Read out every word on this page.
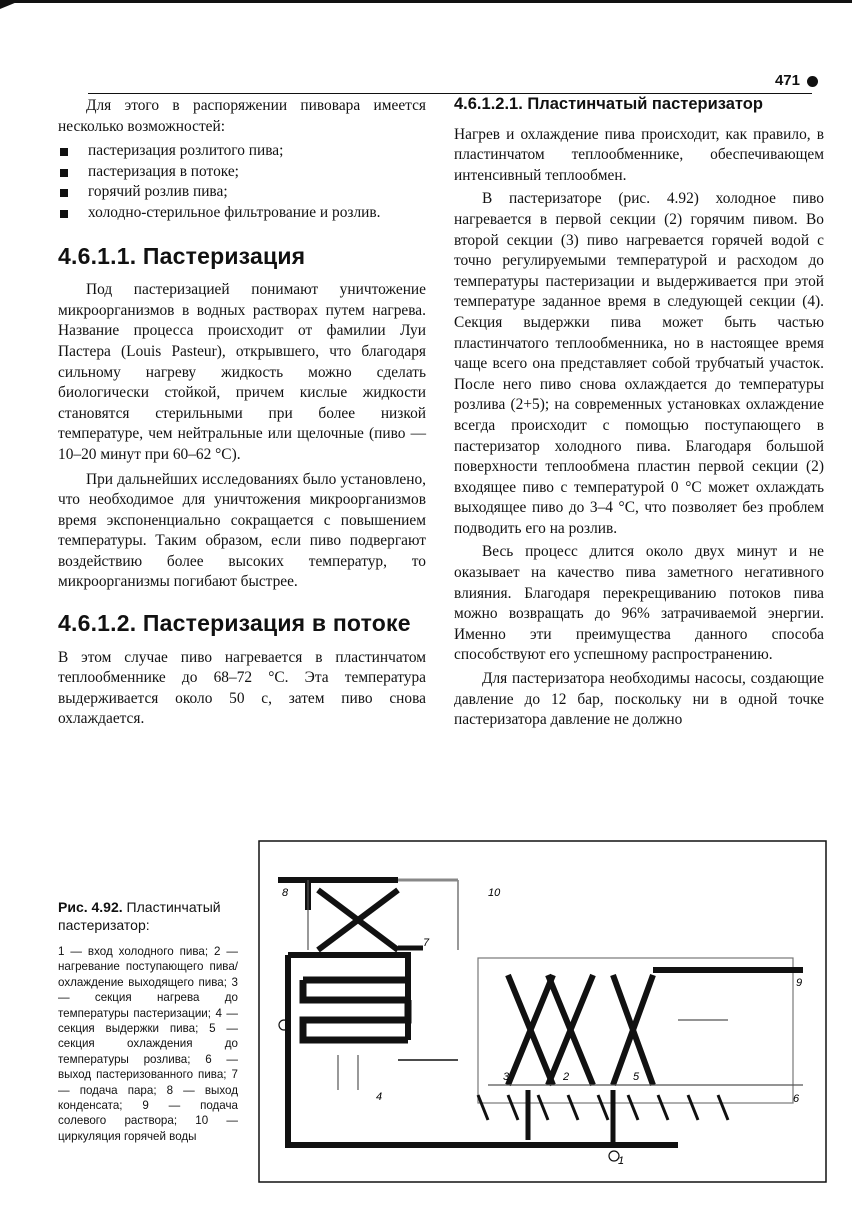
471

Для этого в распоряжении пивовара имеется несколько возможностей:

пастеризация розлитого пива;
пастеризация в потоке;
горячий розлив пива;
холодно-стерильное фильтрование и розлив.
4.6.1.1. Пастеризация

Под пастеризацией понимают уничтожение микроорганизмов в водных растворах путем нагрева. Название процесса происходит от фамилии Луи Пастера (Louis Pasteur), открывшего, что благодаря сильному нагреву жидкость можно сделать биологически стойкой, причем кислые жидкости становятся стерильными при более низкой температуре, чем нейтральные или щелочные (пиво — 10–20 минут при 60–62 °С).

При дальнейших исследованиях было установлено, что необходимое для уничтожения микроорганизмов время экспоненциально сокращается с повышением температуры. Таким образом, если пиво подвергают воздействию более высоких температур, то микроорганизмы погибают быстрее.

4.6.1.2. Пастеризация в потоке

В этом случае пиво нагревается в пластинчатом теплообменнике до 68–72 °С. Эта температура выдерживается около 50 с, затем пиво снова охлаждается.

4.6.1.2.1. Пластинчатый пастеризатор

Нагрев и охлаждение пива происходит, как правило, в пластинчатом теплообменнике, обеспечивающем интенсивный теплообмен.

В пастеризаторе (рис. 4.92) холодное пиво нагревается в первой секции (2) горячим пивом. Во второй секции (3) пиво нагревается горячей водой с точно регулируемыми температурой и расходом до температуры пастеризации и выдерживается при этой температуре заданное время в следующей секции (4). Секция выдержки пива может быть частью пластинчатого теплообменника, но в настоящее время чаще всего она представляет собой трубчатый участок. После него пиво снова охлаждается до температуры розлива (2+5); на современных установках охлаждение всегда происходит с помощью поступающего в пастеризатор холодного пива. Благодаря большой поверхности теплообмена пластин первой секции (2) входящее пиво с температурой 0 °С может охлаждать выходящее пиво до 3–4 °С, что позволяет без проблем подводить его на розлив.

Весь процесс длится около двух минут и не оказывает на качество пива заметного негативного влияния. Благодаря перекрещиванию потоков пива можно возвращать до 96% затрачиваемой энергии. Именно эти преимущества данного способа способствуют его успешному распространению.

Для пастеризатора необходимы насосы, создающие давление до 12 бар, поскольку ни в одной точке пастеризатора давление не должно

Рис. 4.92. Пластинчатый пастеризатор:
1 — вход холодного пива; 2 — нагревание поступающего пива/охлаждение выходящего пива; 3 — секция нагрева до температуры пастеризации; 4 — секция выдержки пива; 5 — секция охлаждения до температуры розлива; 6 — выход пастеризованного пива; 7 — подача пара; 8 — выход конденсата; 9 — подача солевого раствора; 10 — циркуляция горячей воды
8	10
7
9
1
2
3
4
5
6
